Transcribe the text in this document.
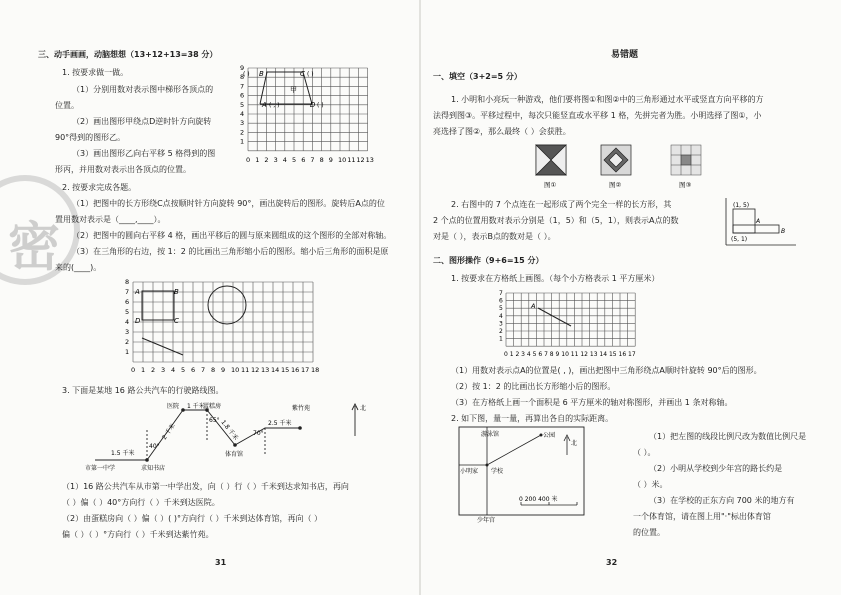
密
三、动手画画，动脑想想（13+12+13=38 分）
1. 按要求做一做。
（1）分别用数对表示图中梯形各顶点的
位置。
（2）画出图形甲绕点D逆时针方向旋转
90°得到的图形乙。
（3）画出图形乙向右平移 5 格得到的图
形丙，并用数对表示出各顶点的位置。
B
( )	C ( )
A ( , )	D ( )
甲
0 1 2 3 4 5 6 7 8 9 10 11 12 13
1
2
3
4
5
6
7
8
9
2. 按要求完成各题。
（1）把图中的长方形绕C点按顺时针方向旋转 90°，画出旋转后的图形。旋转后A点的位
置用数对表示是（____,____）。
（2）把图中的圆向右平移 4 格，画出平移后的圆与原来圆组成的这个图形的全部对称轴。
（3）在三角形的右边，按 1：2 的比画出三角形缩小后的图形。缩小后三角形的面积是原
来的(____)。
A	B
D	C
0 1 2 3 4 5 6 7 8 9 10 11 12 13 14 15 16 17 18
1
2
3
4
5
6
7
8
3. 下面是某地 16 路公共汽车的行驶路线图。
市第一中学	求知书店
医院	蛋糕房
体育馆
紫竹苑
1.5 千米
2 千米
1 千米
1.8 千米	2.5 千米
40°
65°
70°
北
（1）16 路公共汽车从市第一中学出发，向（ ）行（ ）千米到达求知书店，再向
（ ）偏（ ）40°方向行（ ）千米到达医院。
（2）由蛋糕房向（ ）偏（ ）( )°方向行（ ）千米到达体育馆，再向（ ）
偏（ ）（ ）°方向行（ ）千米到达紫竹苑。
31
易错题
一、填空（3+2=5 分）
1. 小明和小亮玩一种游戏，他们要将图①和图②中的三角形通过水平或竖直方向平移的方
法得到图③。平移过程中，每次只能竖直或水平移 1 格，先拼完者为胜。小明选择了图①，小
亮选择了图②，那么最终（ ）会获胜。
图①	图②	图③
2. 右图中的 7 个点连在一起形成了两个完全一样的长方形，其
2 个点的位置用数对表示分别是（1，5）和（5，1），则表示A点的数
对是（ ），表示B点的数对是（ ）。
(1, 5)
(5, 1)
A
B
二、图形操作（9+6=15 分）
1. 按要求在方格纸上画图。（每个小方格表示 1 平方厘米）
A
0 1 2 3 4 5 6 7 8 9 10 11 12 13 14 15 16 17
1
2
3
4
5
6
7
（1）用数对表示点A的位置是( , )，画出把图中三角形绕点A顺时针旋转 90°后的图形。
（2）按 1：2 的比画出长方形缩小后的图形。
（3）在方格纸上画一个面积是 6 平方厘米的轴对称图形，并画出 1 条对称轴。
2. 如下图，量一量，再算出各自的实际距离。
游泳馆	公园
小明家 学校
少年宫
北
0 200 400 米
（1）把左图的线段比例尺改为数值比例尺是
（ ）。
（2）小明从学校到少年宫的路长约是
（ ）米。
（3）在学校的正东方向 700 米的地方有
一个体育馆，请在图上用"·"标出体育馆
的位置。
32
